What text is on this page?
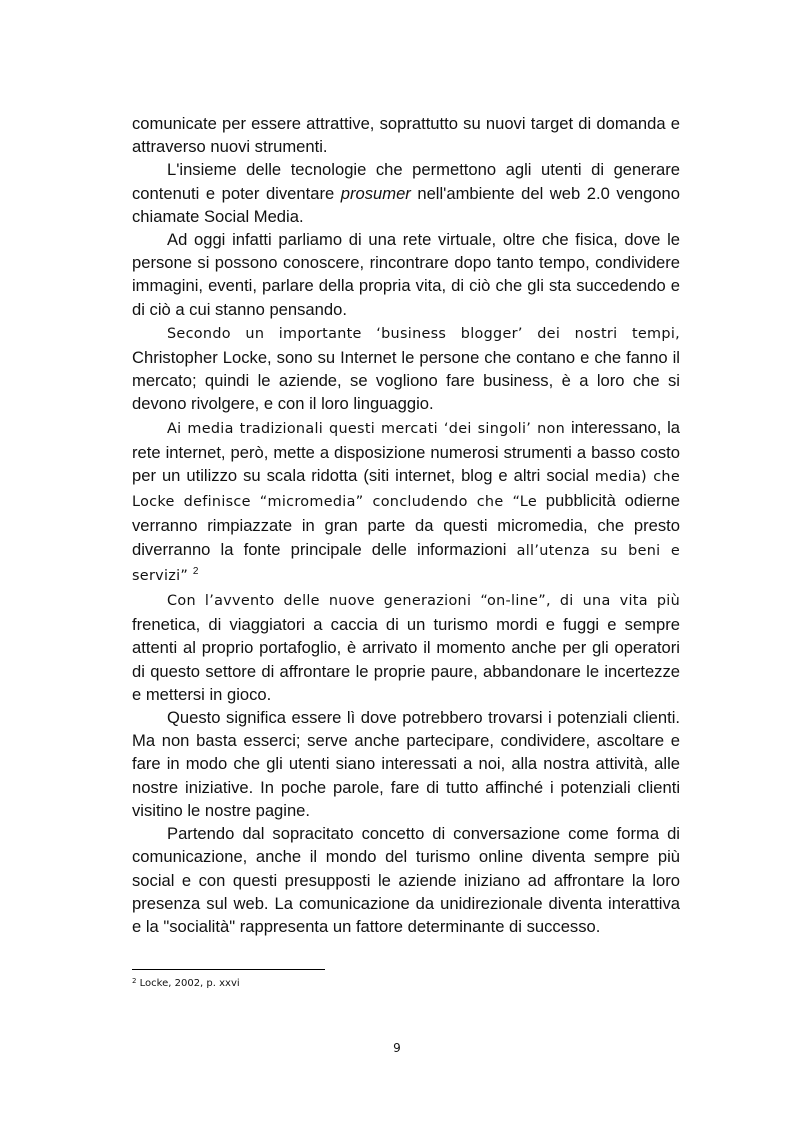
comunicate per essere attrattive, soprattutto su nuovi target di domanda e attraverso nuovi strumenti.

L'insieme delle tecnologie che permettono agli utenti di generare contenuti e poter diventare prosumer nell'ambiente del web 2.0 vengono chiamate Social Media.

Ad oggi infatti parliamo di una rete virtuale, oltre che fisica, dove le persone si possono conoscere, rincontrare dopo tanto tempo, condividere immagini, eventi, parlare della propria vita, di ciò che gli sta succedendo e di ciò a cui stanno pensando.

Secondo un importante ‘business blogger’ dei nostri tempi, Christopher Locke, sono su Internet le persone che contano e che fanno il mercato; quindi le aziende, se vogliono fare business, è a loro che si devono rivolgere, e con il loro linguaggio.

Ai media tradizionali questi mercati ‘dei singoli’ non interessano, la rete internet, però, mette a disposizione numerosi strumenti a basso costo per un utilizzo su scala ridotta (siti internet, blog e altri social media) che Locke definisce “micromedia” concludendo che “Le pubblicità odierne verranno rimpiazzate in gran parte da questi micromedia, che presto diverranno la fonte principale delle informazioni all’utenza su beni e servizi” $^2$

Con l’avvento delle nuove generazioni “on-line”, di una vita più frenetica, di viaggiatori a caccia di un turismo mordi e fuggi e sempre attenti al proprio portafoglio, è arrivato il momento anche per gli operatori di questo settore di affrontare le proprie paure, abbandonare le incertezze e mettersi in gioco.

Questo significa essere lì dove potrebbero trovarsi i potenziali clienti. Ma non basta esserci; serve anche partecipare, condividere, ascoltare e fare in modo che gli utenti siano interessati a noi, alla nostra attività, alle nostre iniziative. In poche parole, fare di tutto affinché i potenziali clienti visitino le nostre pagine.

Partendo dal sopracitato concetto di conversazione come forma di comunicazione, anche il mondo del turismo online diventa sempre più social e con questi presupposti le aziende iniziano ad affrontare la loro presenza sul web. La comunicazione da unidirezionale diventa interattiva e la "socialità" rappresenta un fattore determinante di successo.

$^2$ Locke, 2002, p. xxvi
9
